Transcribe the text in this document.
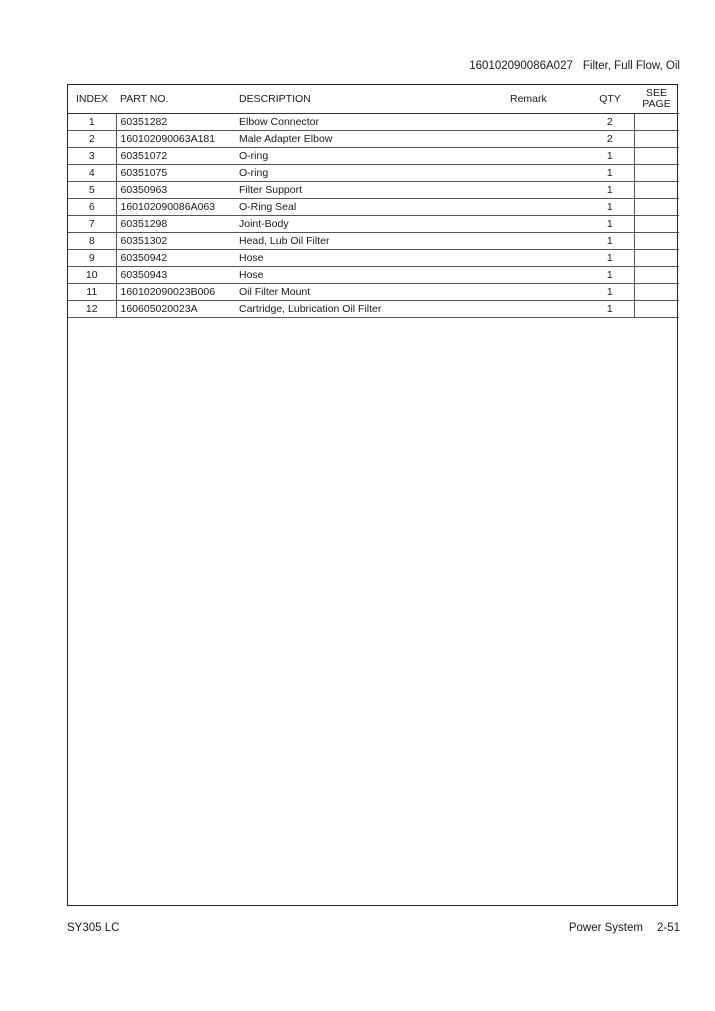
160102090086A027 Filter, Full Flow, Oil
INDEX	PART NO.	DESCRIPTION	Remark	QTY	SEE
PAGE
1	60351282	Elbow Connector		2	
2	160102090063A181	Male Adapter Elbow		2	
3	60351072	O-ring		1	
4	60351075	O-ring		1	
5	60350963	Filter Support		1	
6	160102090086A063	O-Ring Seal		1	
7	60351298	Joint-Body		1	
8	60351302	Head, Lub Oil Filter		1	
9	60350942	Hose		1	
10	60350943	Hose		1	
11	160102090023B006	Oil Filter Mount		1	
12	160605020023A	Cartridge, Lubrication Oil Filter		1	
SY305 LC	Power System 2-51
